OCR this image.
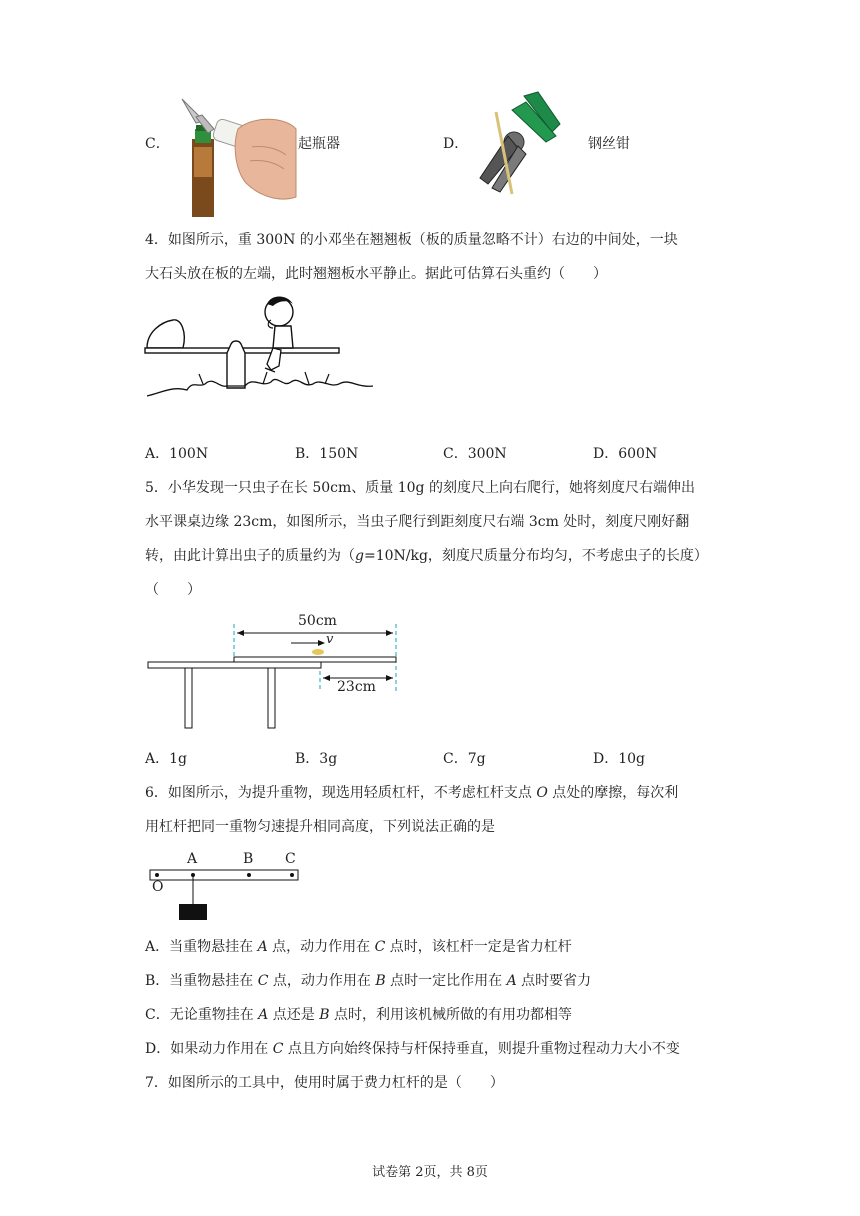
C．	起瓶器	D．	钢丝钳
4．如图所示，重 300N 的小邓坐在翘翘板（板的质量忽略不计）右边的中间处，一块
大石头放在板的左端，此时翘翘板水平静止。据此可估算石头重约（　　）
A．100N	B．150N	C．300N	D．600N
5．小华发现一只虫子在长 50cm、质量 10g 的刻度尺上向右爬行，她将刻度尺右端伸出
水平课桌边缘 23cm，如图所示，当虫子爬行到距刻度尺右端 3cm 处时，刻度尺刚好翻
转，由此计算出虫子的质量约为（g=10N/kg，刻度尺质量分布均匀，不考虑虫子的长度）
（　　）
50cm
v
23cm
A．1g	B．3g	C．7g	D．10g
6．如图所示，为提升重物，现选用轻质杠杆，不考虑杠杆支点 O 点处的摩擦，每次利
用杠杆把同一重物匀速提升相同高度，下列说法正确的是
A	B C
O
A．当重物悬挂在 A 点，动力作用在 C 点时，该杠杆一定是省力杠杆
B．当重物悬挂在 C 点，动力作用在 B 点时一定比作用在 A 点时要省力
C．无论重物挂在 A 点还是 B 点时，利用该机械所做的有用功都相等
D．如果动力作用在 C 点且方向始终保持与杆保持垂直，则提升重物过程动力大小不变
7．如图所示的工具中，使用时属于费力杠杆的是（　　）
试卷第 2页，共 8页
